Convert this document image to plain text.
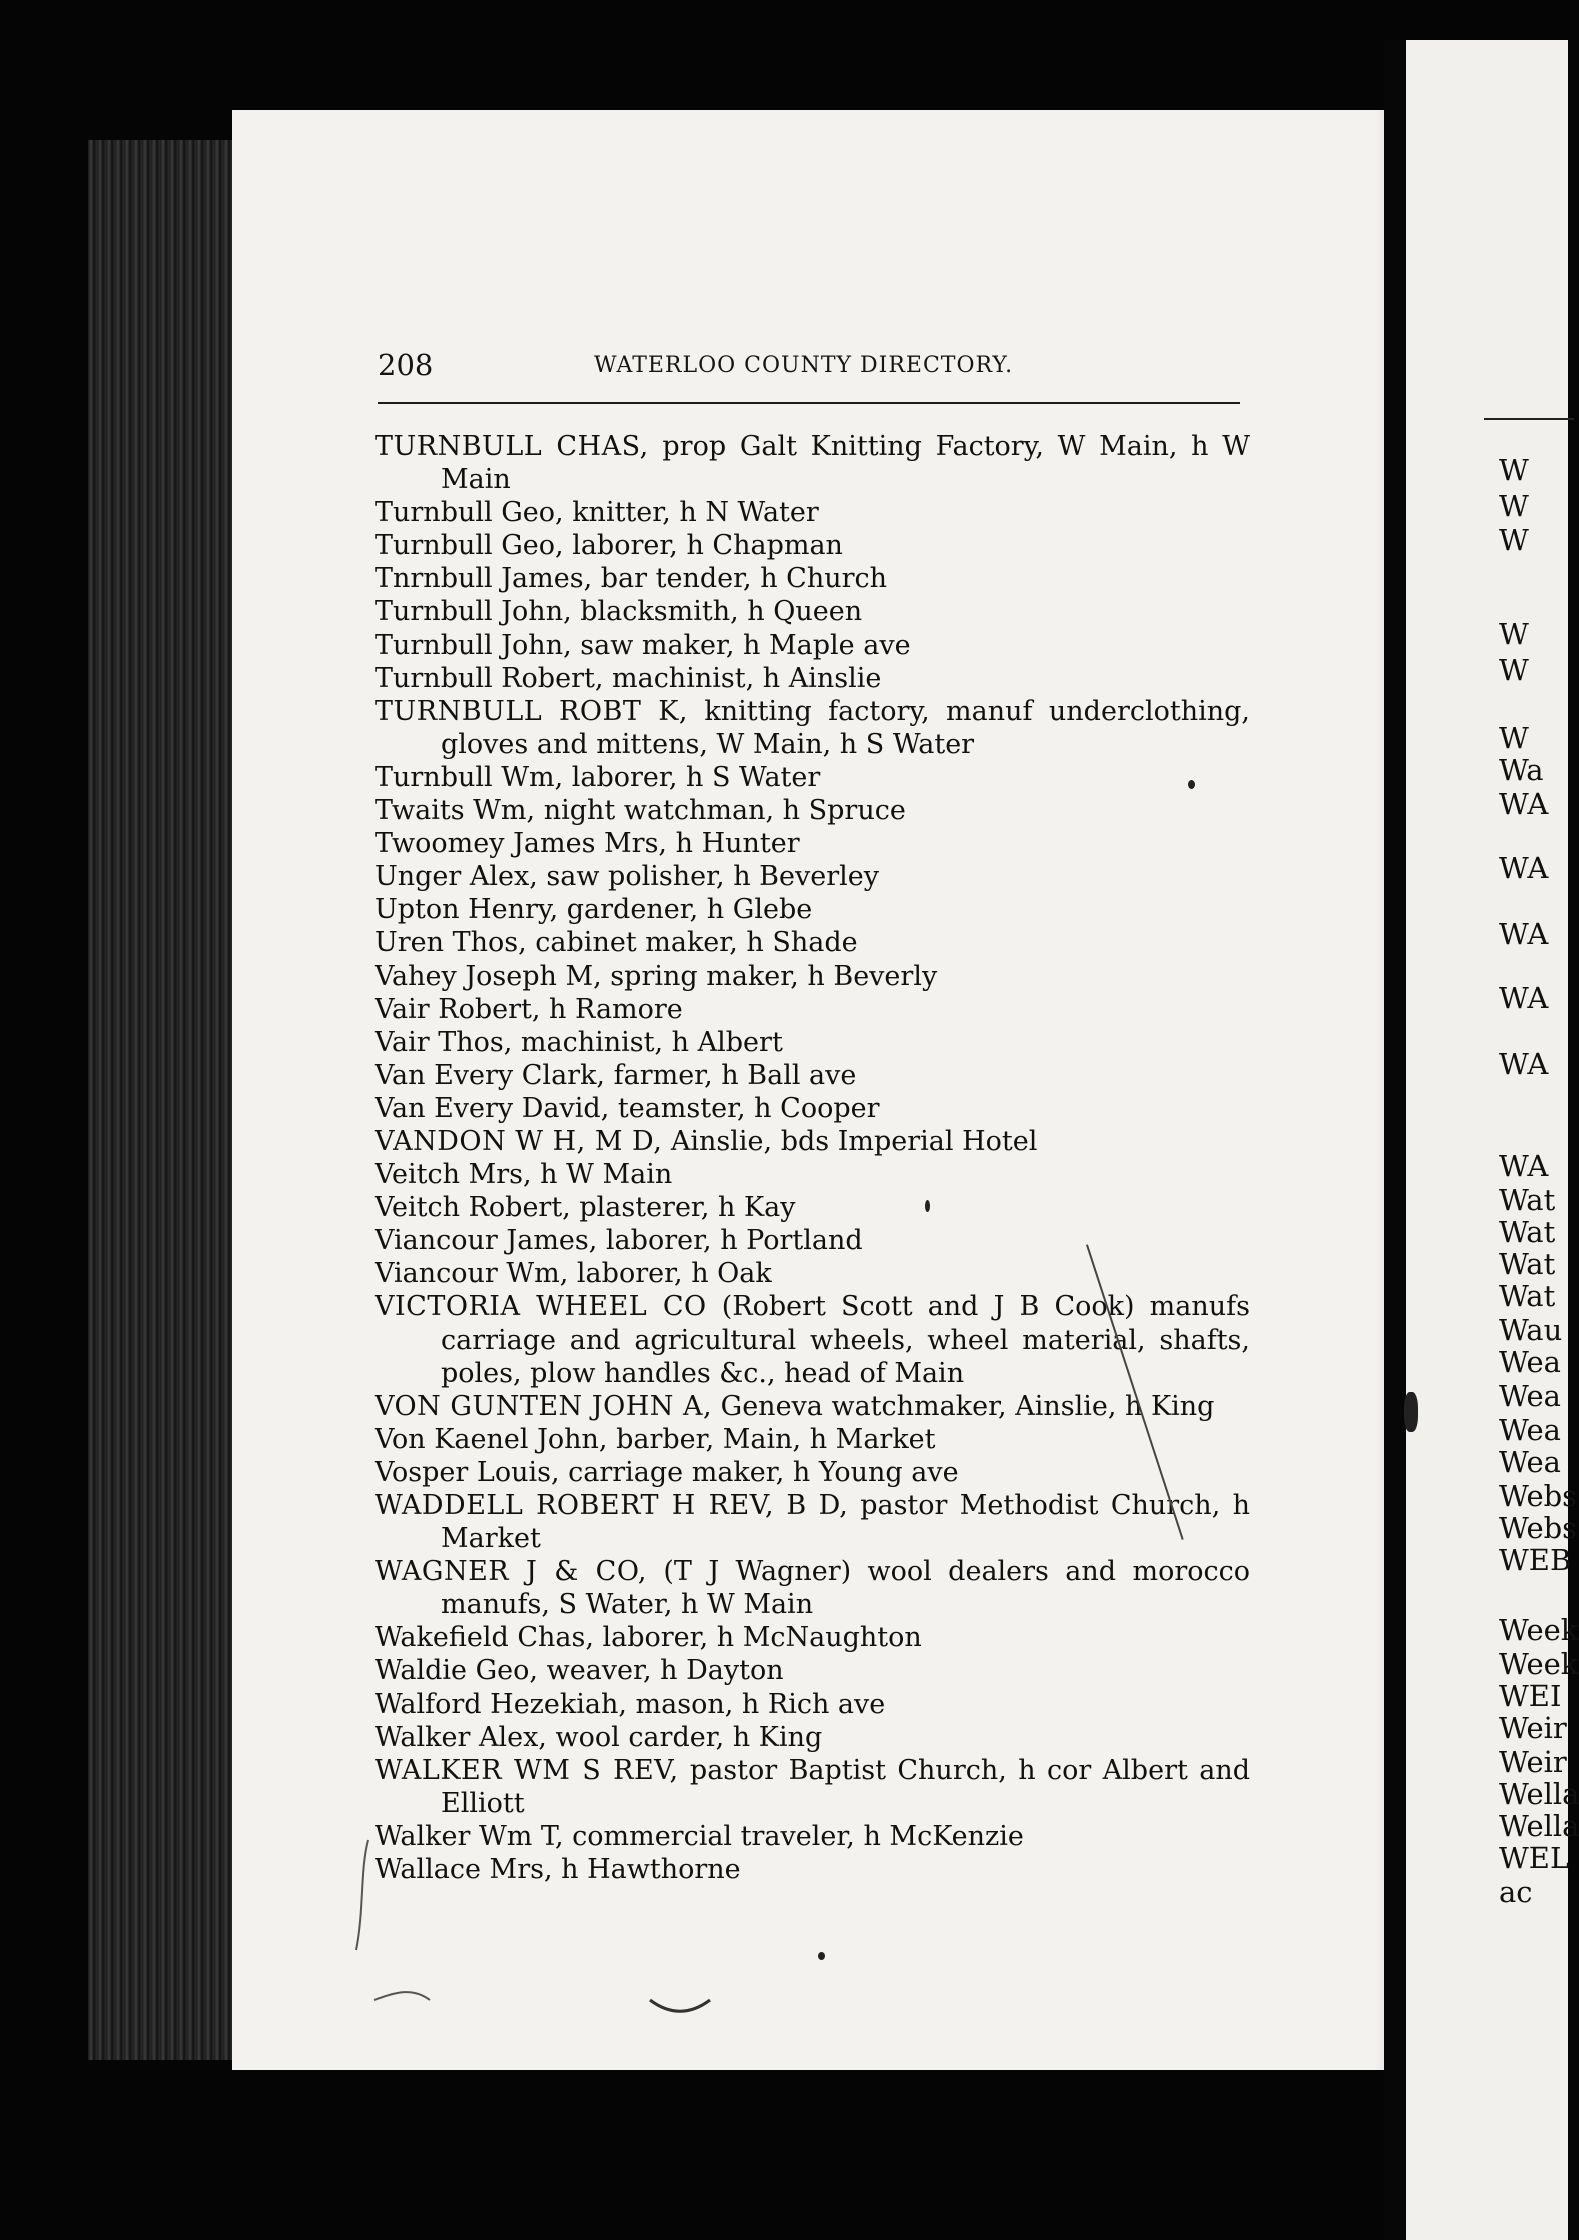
W
W
W
W
W
W
Wa
WA
WA
WA
WA
WA
WA
Wat
Wat
Wat
Wat
Wau
Wea
Wea
Wea
Wea
Webs
Webs
WEB
Week
Week
WEI
Weir
Weir
Wella
Wella
WEL
ac
208	WATERLOO COUNTY DIRECTORY.
TURNBULL CHAS, prop Galt Knitting Factory, W Main, h W Main
Turnbull Geo, knitter, h N Water
Turnbull Geo, laborer, h Chapman
Tnrnbull James, bar tender, h Church
Turnbull John, blacksmith, h Queen
Turnbull John, saw maker, h Maple ave
Turnbull Robert, machinist, h Ainslie
TURNBULL ROBT K, knitting factory, manuf underclothing, gloves and mittens, W Main, h S Water
Turnbull Wm, laborer, h S Water
Twaits Wm, night watchman, h Spruce
Twoomey James Mrs, h Hunter
Unger Alex, saw polisher, h Beverley
Upton Henry, gardener, h Glebe
Uren Thos, cabinet maker, h Shade
Vahey Joseph M, spring maker, h Beverly
Vair Robert, h Ramore
Vair Thos, machinist, h Albert
Van Every Clark, farmer, h Ball ave
Van Every David, teamster, h Cooper
VANDON W H, M D, Ainslie, bds Imperial Hotel
Veitch Mrs, h W Main
Veitch Robert, plasterer, h Kay
Viancour James, laborer, h Portland
Viancour Wm, laborer, h Oak
VICTORIA WHEEL CO (Robert Scott and J B Cook) manufs carriage and agricultural wheels, wheel material, shafts, poles, plow handles &c., head of Main
VON GUNTEN JOHN A, Geneva watchmaker, Ainslie, h King
Von Kaenel John, barber, Main, h Market
Vosper Louis, carriage maker, h Young ave
WADDELL ROBERT H REV, B D, pastor Methodist Church, h Market
WAGNER J & CO, (T J Wagner) wool dealers and morocco manufs, S Water, h W Main
Wakefield Chas, laborer, h McNaughton
Waldie Geo, weaver, h Dayton
Walford Hezekiah, mason, h Rich ave
Walker Alex, wool carder, h King
WALKER WM S REV, pastor Baptist Church, h cor Albert and Elliott
Walker Wm T, commercial traveler, h McKenzie
Wallace Mrs, h Hawthorne
